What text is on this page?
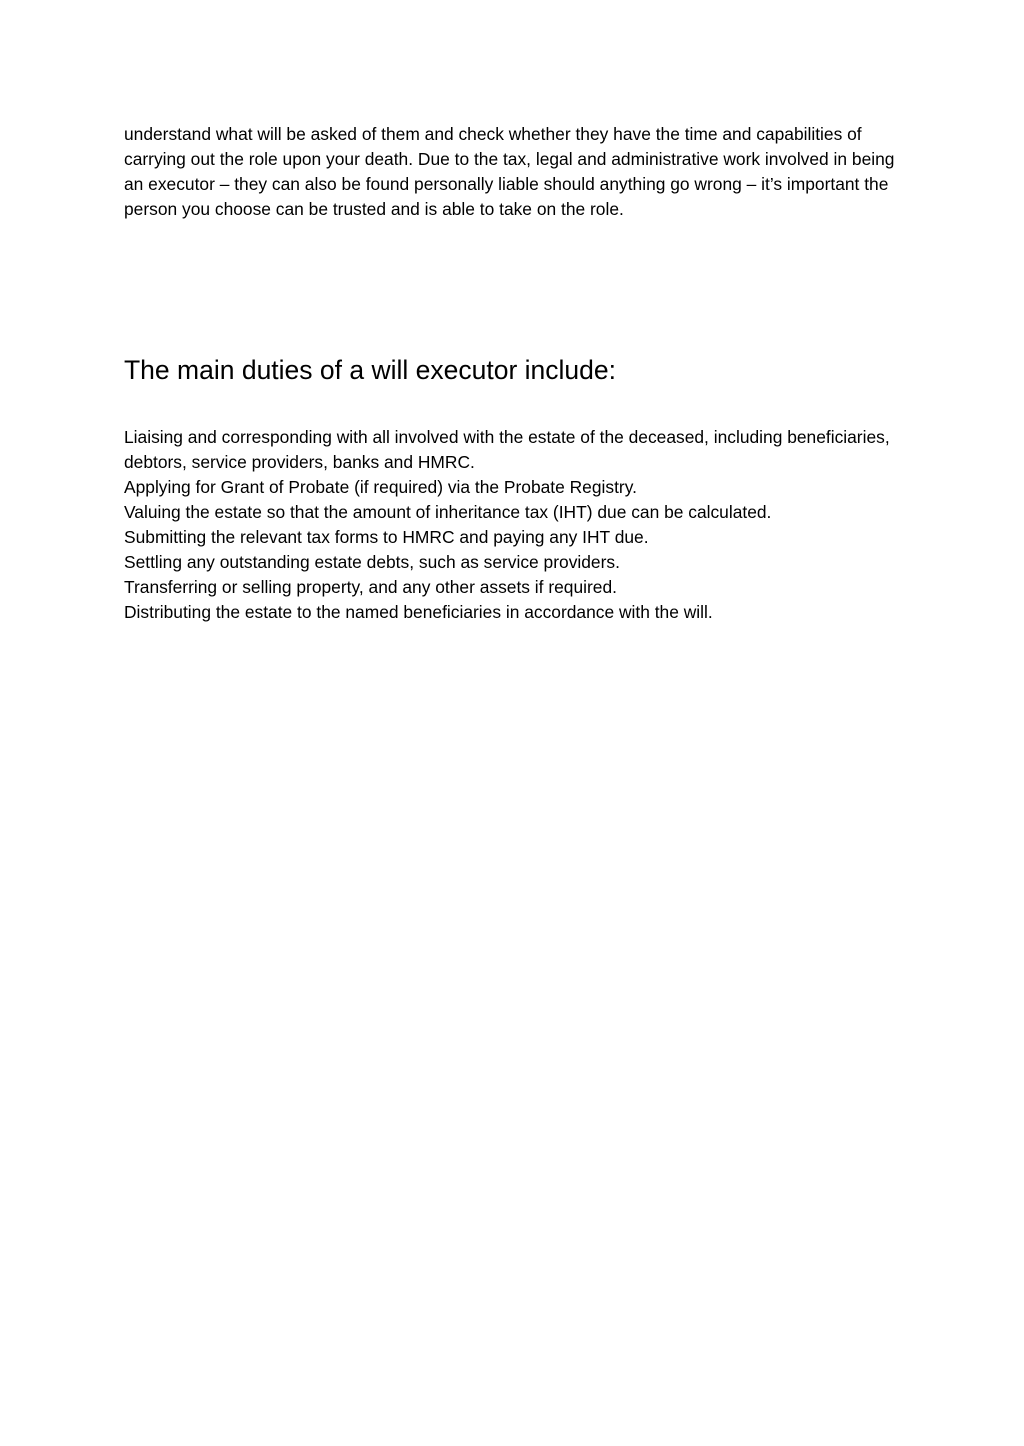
understand what will be asked of them and check whether they have the time and capabilities of carrying out the role upon your death. Due to the tax, legal and administrative work involved in being an executor – they can also be found personally liable should anything go wrong – it’s important the person you choose can be trusted and is able to take on the role.

The main duties of a will executor include:
Liaising and corresponding with all involved with the estate of the deceased, including beneficiaries, debtors, service providers, banks and HMRC.
Applying for Grant of Probate (if required) via the Probate Registry.
Valuing the estate so that the amount of inheritance tax (IHT) due can be calculated.
Submitting the relevant tax forms to HMRC and paying any IHT due.
Settling any outstanding estate debts, such as service providers.
Transferring or selling property, and any other assets if required.
Distributing the estate to the named beneficiaries in accordance with the will.
